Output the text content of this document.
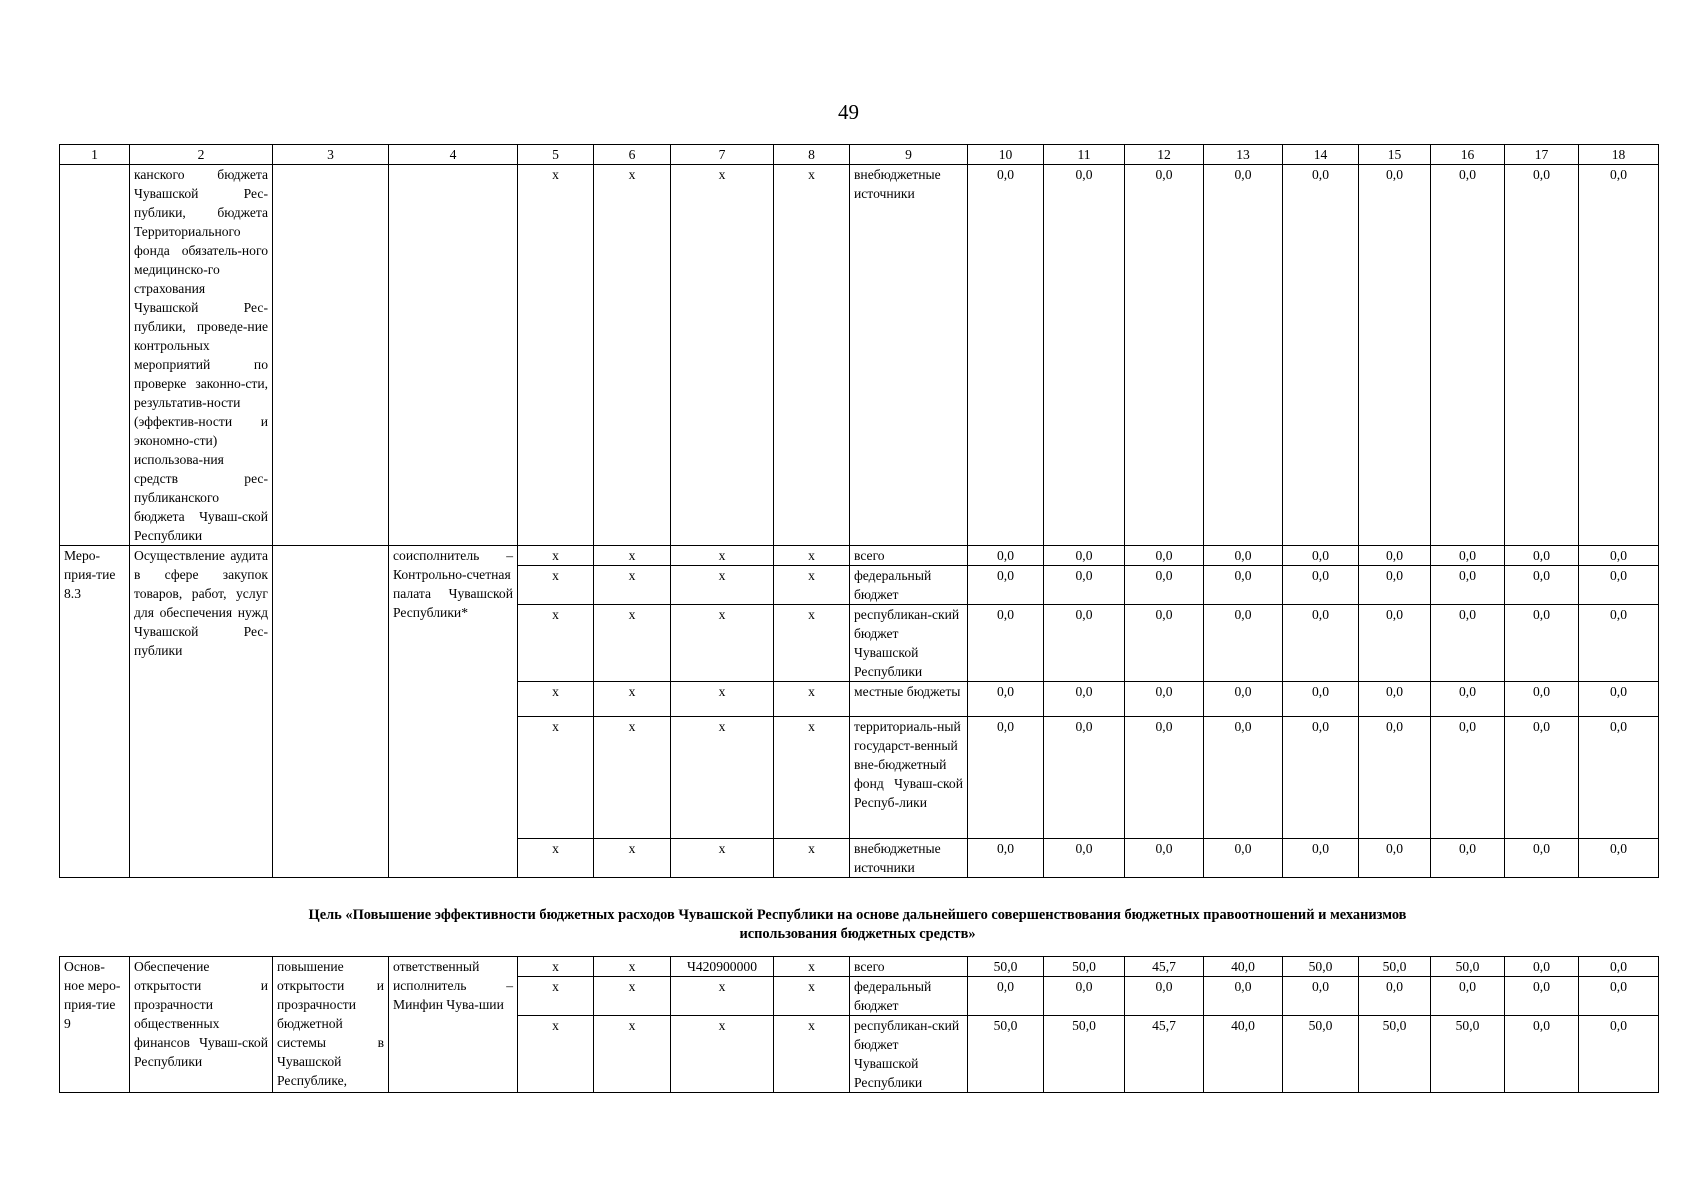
49
1	2	3	4	5	6	7	8	9	10	11	12	13	14	15	16	17	18
	канского бюджета Чувашской Рес-публики, бюджета Территориального фонда обязатель-ного медицинско-го страхования Чувашской Рес-публики, проведе-ние контрольных мероприятий по проверке законно-сти, результатив-ности (эффектив-ности и экономно-сти) использова-ния средств рес-публиканского бюджета Чуваш-ской Республики			х	х	х	х	внебюджетные источники	0,0	0,0	0,0	0,0	0,0	0,0	0,0	0,0	0,0
Меро-прия-тие 8.3	Осуществление аудита в сфере закупок товаров, работ, услуг для обеспечения нужд Чувашской Рес-публики		соисполнитель – Контрольно-счетная палата Чувашской Республики*	х	х	х	х	всего	0,0	0,0	0,0	0,0	0,0	0,0	0,0	0,0	0,0
				х	х	х	х	федеральный бюджет	0,0	0,0	0,0	0,0	0,0	0,0	0,0	0,0	0,0
				х	х	х	х	республикан-ский бюджет Чувашской Республики	0,0	0,0	0,0	0,0	0,0	0,0	0,0	0,0	0,0
				х	х	х	х	местные бюджеты	0,0	0,0	0,0	0,0	0,0	0,0	0,0	0,0	0,0
				х	х	х	х	территориаль-ный государст-венный вне-бюджетный фонд Чуваш-ской Респуб-лики	0,0	0,0	0,0	0,0	0,0	0,0	0,0	0,0	0,0
				х	х	х	х	внебюджетные источники	0,0	0,0	0,0	0,0	0,0	0,0	0,0	0,0	0,0
Цель «Повышение эффективности бюджетных расходов Чувашской Республики на основе дальнейшего совершенствования бюджетных правоотношений и механизмов
использования бюджетных средств»
Основ-ное меро-прия-тие 9	Обеспечение открытости и прозрачности общественных финансов Чуваш-ской Республики	повышение открытости и прозрачности бюджетной системы в Чувашской Республике,	ответственный исполнитель – Минфин Чува-шии	х	х	Ч420900000	х	всего	50,0	50,0	45,7	40,0	50,0	50,0	50,0	0,0	0,0
				х	х	х	х	федеральный бюджет	0,0	0,0	0,0	0,0	0,0	0,0	0,0	0,0	0,0
				х	х	х	х	республикан-ский бюджет Чувашской Республики	50,0	50,0	45,7	40,0	50,0	50,0	50,0	0,0	0,0
